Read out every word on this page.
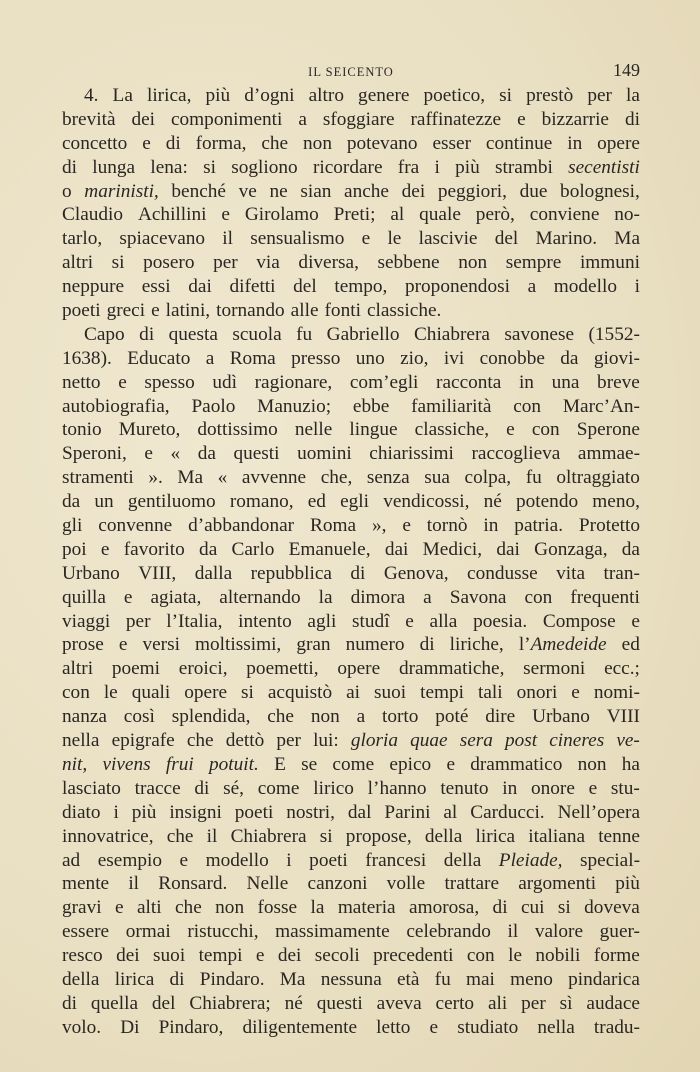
IL SEICENTO	149
4. La lirica, più d’ogni altro genere poetico, si prestò per la
brevità dei componimenti a sfoggiare raffinatezze e bizzarrie di
concetto e di forma, che non potevano esser continue in opere
di lunga lena: si sogliono ricordare fra i più strambi secentisti
o marinisti, benché ve ne sian anche dei peggiori, due bolognesi,
Claudio Achillini e Girolamo Preti; al quale però, conviene no-
tarlo, spiacevano il sensualismo e le lascivie del Marino. Ma
altri si posero per via diversa, sebbene non sempre immuni
neppure essi dai difetti del tempo, proponendosi a modello i
poeti greci e latini, tornando alle fonti classiche.
Capo di questa scuola fu Gabriello Chiabrera savonese (1552-
1638). Educato a Roma presso uno zio, ivi conobbe da giovi-
netto e spesso udì ragionare, com’egli racconta in una breve
autobiografia, Paolo Manuzio; ebbe familiarità con Marc’An-
tonio Mureto, dottissimo nelle lingue classiche, e con Sperone
Speroni, e « da questi uomini chiarissimi raccoglieva ammae-
stramenti ». Ma « avvenne che, senza sua colpa, fu oltraggiato
da un gentiluomo romano, ed egli vendicossi, né potendo meno,
gli convenne d’abbandonar Roma », e tornò in patria. Protetto
poi e favorito da Carlo Emanuele, dai Medici, dai Gonzaga, da
Urbano VIII, dalla repubblica di Genova, condusse vita tran-
quilla e agiata, alternando la dimora a Savona con frequenti
viaggi per l’Italia, intento agli studî e alla poesia. Compose e
prose e versi moltissimi, gran numero di liriche, l’Amedeide ed
altri poemi eroici, poemetti, opere drammatiche, sermoni ecc.;
con le quali opere si acquistò ai suoi tempi tali onori e nomi-
nanza così splendida, che non a torto poté dire Urbano VIII
nella epigrafe che dettò per lui: gloria quae sera post cineres ve-
nit, vivens frui potuit. E se come epico e drammatico non ha
lasciato tracce di sé, come lirico l’hanno tenuto in onore e stu-
diato i più insigni poeti nostri, dal Parini al Carducci. Nell’opera
innovatrice, che il Chiabrera si propose, della lirica italiana tenne
ad esempio e modello i poeti francesi della Pleiade, special-
mente il Ronsard. Nelle canzoni volle trattare argomenti più
gravi e alti che non fosse la materia amorosa, di cui si doveva
essere ormai ristucchi, massimamente celebrando il valore guer-
resco dei suoi tempi e dei secoli precedenti con le nobili forme
della lirica di Pindaro. Ma nessuna età fu mai meno pindarica
di quella del Chiabrera; né questi aveva certo ali per sì audace
volo. Di Pindaro, diligentemente letto e studiato nella tradu-
